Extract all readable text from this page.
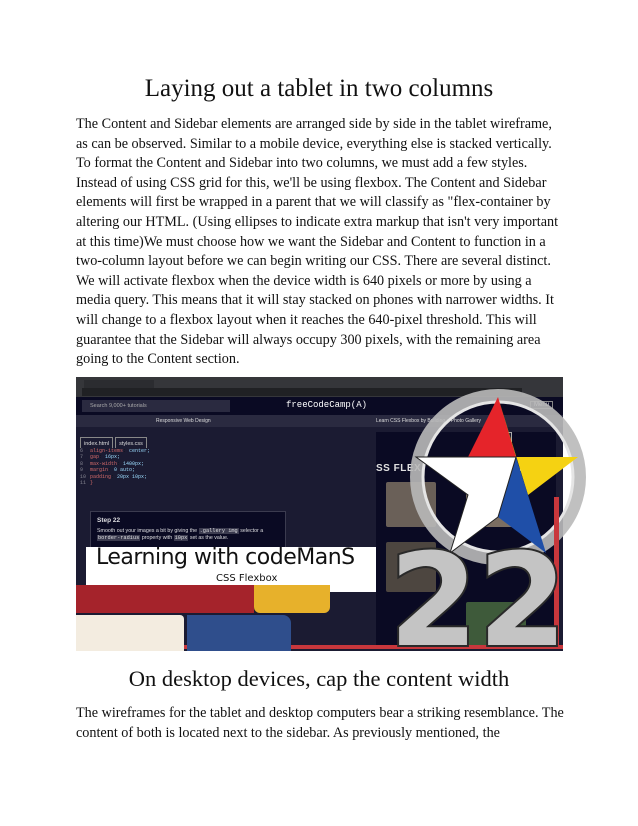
Laying out a tablet in two columns

The Content and Sidebar elements are arranged side by side in the tablet wireframe, as can be observed. Similar to a mobile device, everything else is stacked vertically. To format the Content and Sidebar into two columns, we must add a few styles. Instead of using CSS grid for this, we'll be using flexbox. The Content and Sidebar elements will first be wrapped in a parent that we will classify as "flex-container by altering our HTML. (Using ellipses to indicate extra markup that isn't very important at this time)We must choose how we want the Sidebar and Content to function in a two-column layout before we can begin writing our CSS. There are several distinct. We will activate flexbox when the device width is 640 pixels or more by using a media query. This means that it will stay stacked on phones with narrower widths. It will change to a flexbox layout when it reaches the 640-pixel threshold. This will guarantee that the Sidebar will always occupy 300 pixels, with the remaining area going to the Content section.

Search 9,000+ tutorials	freeCodeCamp(A)	Menu
Responsive Web Design	Learn CSS Flexbox by Building a Photo Gallery
index.html styles.css
6 align-items: center;
7 gap: 16px;
8 max-width: 1400px;
9 margin: 0 auto;
10 padding: 20px 10px;
11 }
Step 22
Smooth out your images a bit by giving the .gallery img selector a border-radius property with 10px set as the value.
SS FLEX
Learning with codeManS
CSS Flexbox 22
On desktop devices, cap the content width

The wireframes for the tablet and desktop computers bear a striking resemblance. The content of both is located next to the sidebar. As previously mentioned, the
